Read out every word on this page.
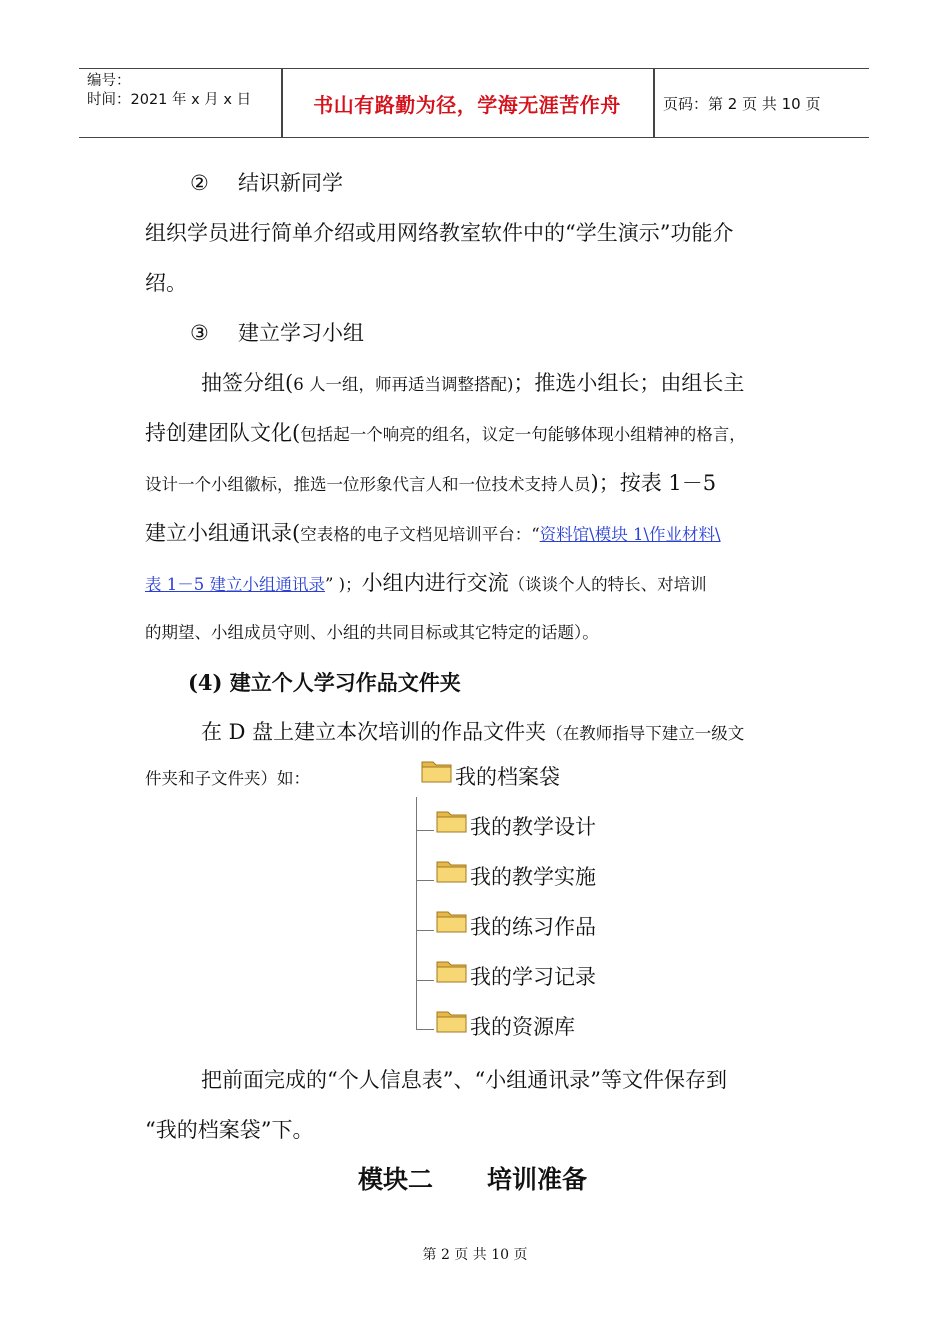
编号：
时间：2021 年 x 月 x 日	书山有路勤为径，学海无涯苦作舟	页码：第 2 页 共 10 页
② 结识新同学
组织学员进行简单介绍或用网络教室软件中的“学生演示”功能介
绍。
③ 建立学习小组
抽签分组(6 人一组，师再适当调整搭配)；推选小组长；由组长主
持创建团队文化(包括起一个响亮的组名，议定一句能够体现小组精神的格言，
设计一个小组徽标，推选一位形象代言人和一位技术支持人员)；按表 1－5
建立小组通讯录(空表格的电子文档见培训平台：“资料馆\模块 1\作业材料\
表 1－5 建立小组通讯录” )；小组内进行交流（谈谈个人的特长、对培训
的期望、小组成员守则、小组的共同目标或其它特定的话题）。
(4) 建立个人学习作品文件夹
在 D 盘上建立本次培训的作品文件夹（在教师指导下建立一级文
件夹和子文件夹）如：	我的档案袋
我的教学设计
我的教学实施
我的练习作品
我的学习记录
我的资源库
把前面完成的“个人信息表”、“小组通讯录”等文件保存到
“我的档案袋”下。
模块二 培训准备
第 2 页 共 10 页
